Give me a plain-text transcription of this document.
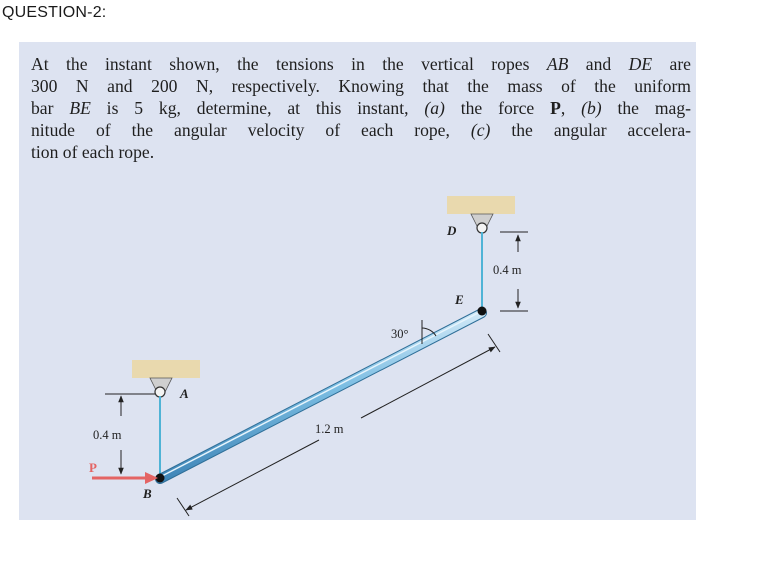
QUESTION-2:

At the instant shown, the tensions in the vertical ropes AB and DE are
300 N and 200 N, respectively. Knowing that the mass of the uniform
bar BE is 5 kg, determine, at this instant, (a) the force P, (b) the mag-
nitude of the angular velocity of each rope, (c) the angular accelera-
tion of each rope.

D
E
A
B
P
0.4 m
0.4 m	1.2 m
30°
